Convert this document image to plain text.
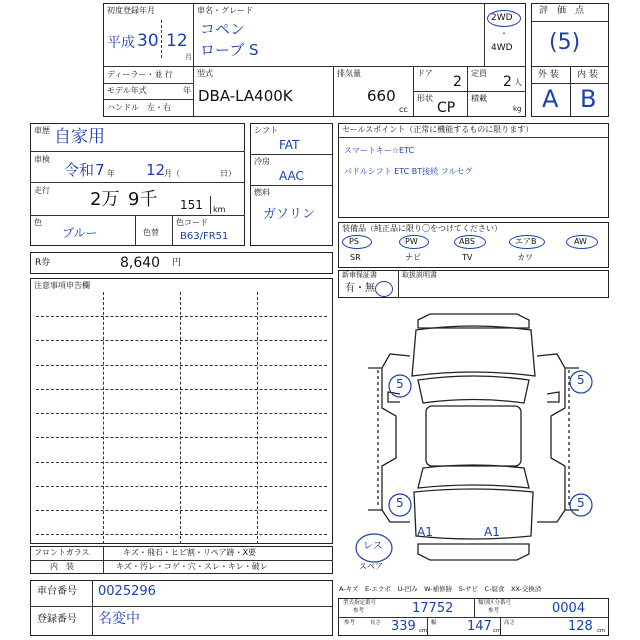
初度登録年月
平成 30 12
月
ディーラー・並 行
モデル年式	年
ハンドル　左・右
車名・グレード
コペン
ローブ S
2WD
・
4WD
型式
DBA-LA400K
排気量
660
cc
ドア
2
形状
CP
定員
2 人
積載
kg
評　価　点
(5)
外 装 内 装
A B
車歴 自家用
車検
令和 7 年 12
月（	日）
走行 2万 9千 151 km
色
ブルー	色替
色コード
B63/FR51
シフト
FAT
冷房
AAC
燃料
ガソリン
R券	8,640 円
セールスポイント（正常に機能するものに限ります）
スマートキー☆ETC
パドルシフト ETC BT接続 フルセグ
装備品（純正品に限り〇をつけてください）
PS	PW	ABS	エアB	AW
SR	ナビ	TV	カワ
新車保証書
有・無
取扱説明書
注意事項申告欄
5	5
5	5
A1	A1
レス
スペア
フロントガラス	キズ・飛石・ヒビ割・リペア跡・X要
内　装	キズ・汚レ・コゲ・穴・スレ・キレ・破レ
車台番号 0025296
登録番号 名変中
A-キズ　E-エクボ　U-凹み　W-補修跡　S-サビ　C-腐食　XX-交換済
型式指定番号
参考	17752	類別区分番号
参考	0004
参考	長さ 339 cm
幅 147 cm
高さ	128 cm
